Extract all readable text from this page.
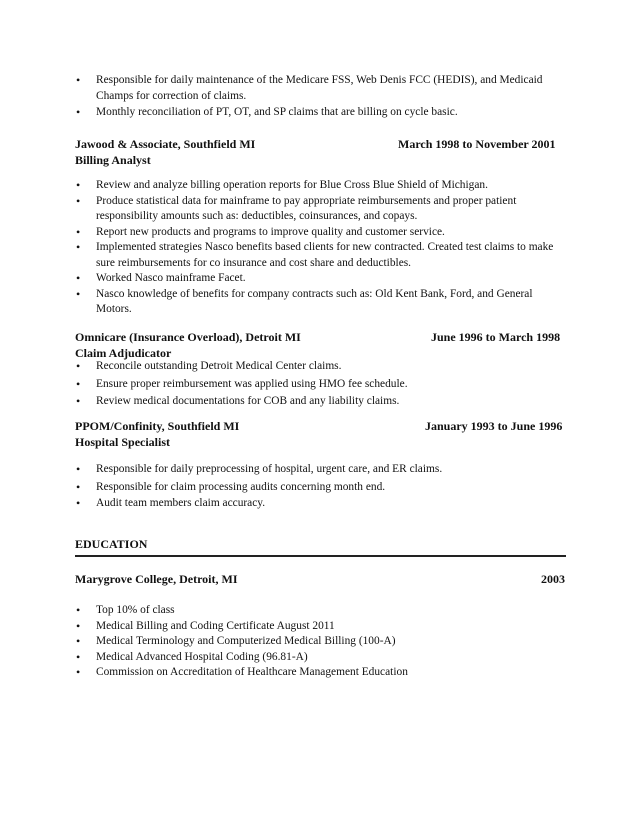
• Responsible for daily maintenance of the Medicare FSS, Web Denis FCC (HEDIS), and Medicaid Champs for correction of claims.
• Monthly reconciliation of PT, OT, and SP claims that are billing on cycle basic.
Jawood & Associate, Southfield MI	March 1998 to November 2001
Billing Analyst
• Review and analyze billing operation reports for Blue Cross Blue Shield of Michigan.
• Produce statistical data for mainframe to pay appropriate reimbursements and proper patient responsibility amounts such as: deductibles, coinsurances, and copays.
• Report new products and programs to improve quality and customer service.
• Implemented strategies Nasco benefits based clients for new contracted. Created test claims to make sure reimbursements for co insurance and cost share and deductibles.
• Worked Nasco mainframe Facet.
• Nasco knowledge of benefits for company contracts such as: Old Kent Bank, Ford, and General Motors.
Omnicare (Insurance Overload), Detroit MI	June 1996 to March 1998
Claim Adjudicator
• Reconcile outstanding Detroit Medical Center claims.
• Ensure proper reimbursement was applied using HMO fee schedule.
• Review medical documentations for COB and any liability claims.
PPOM/Confinity, Southfield MI	January 1993 to June 1996
Hospital Specialist
• Responsible for daily preprocessing of hospital, urgent care, and ER claims.
• Responsible for claim processing audits concerning month end.
• Audit team members claim accuracy.
EDUCATION
Marygrove College, Detroit, MI	2003
• Top 10% of class
• Medical Billing and Coding Certificate August 2011
• Medical Terminology and Computerized Medical Billing (100-A)
• Medical Advanced Hospital Coding (96.81-A)
• Commission on Accreditation of Healthcare Management Education
